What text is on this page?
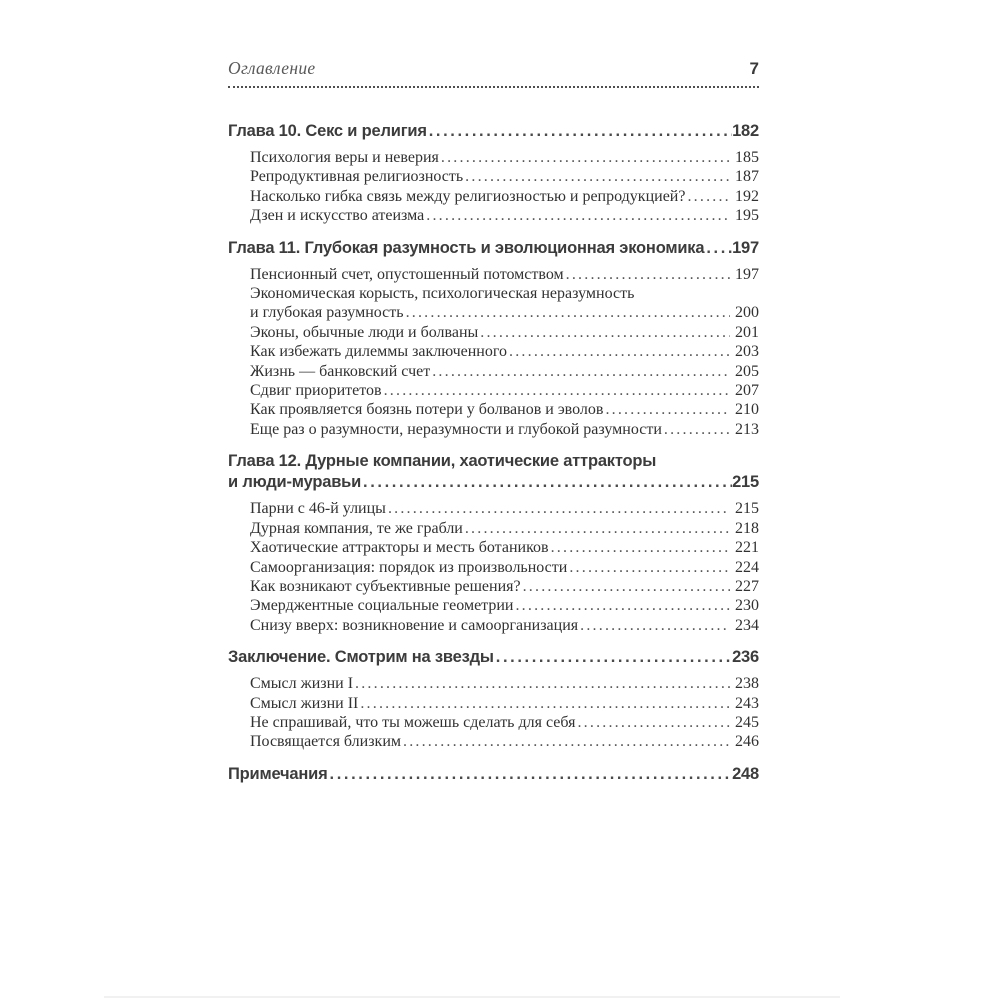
Оглавление	7
Глава 10. Секс и религия .....	182
Психология веры и неверия .....	185
Репродуктивная религиозность .....	187
Насколько гибка связь между религиозностью и репродукцией? .....	192
Дзен и искусство атеизма .....	195
Глава 11. Глубокая разумность и эволюционная экономика ..... 197
Пенсионный счет, опустошенный потомством .....	197
Экономическая корысть, психологическая неразумность
и глубокая разумность .....	200
Эконы, обычные люди и болваны .....	201
Как избежать дилеммы заключенного .....	203
Жизнь — банковский счет .....	205
Сдвиг приоритетов .....	207
Как проявляется боязнь потери у болванов и эволов .....	210
Еще раз о разумности, неразумности и глубокой разумности .....	213
Глава 12. Дурные компании, хаотические аттракторы
и люди-муравьи .....	215
Парни с 46-й улицы .....	215
Дурная компания, те же грабли .....	218
Хаотические аттракторы и месть ботаников .....	221
Самоорганизация: порядок из произвольности .....	224
Как возникают субъективные решения? .....	227
Эмерджентные социальные геометрии .....	230
Снизу вверх: возникновение и самоорганизация .....	234
Заключение. Смотрим на звезды .....	236
Смысл жизни I .....	238
Смысл жизни II .....	243
Не спрашивай, что ты можешь сделать для себя .....	245
Посвящается близким .....	246
Примечания .....	248
